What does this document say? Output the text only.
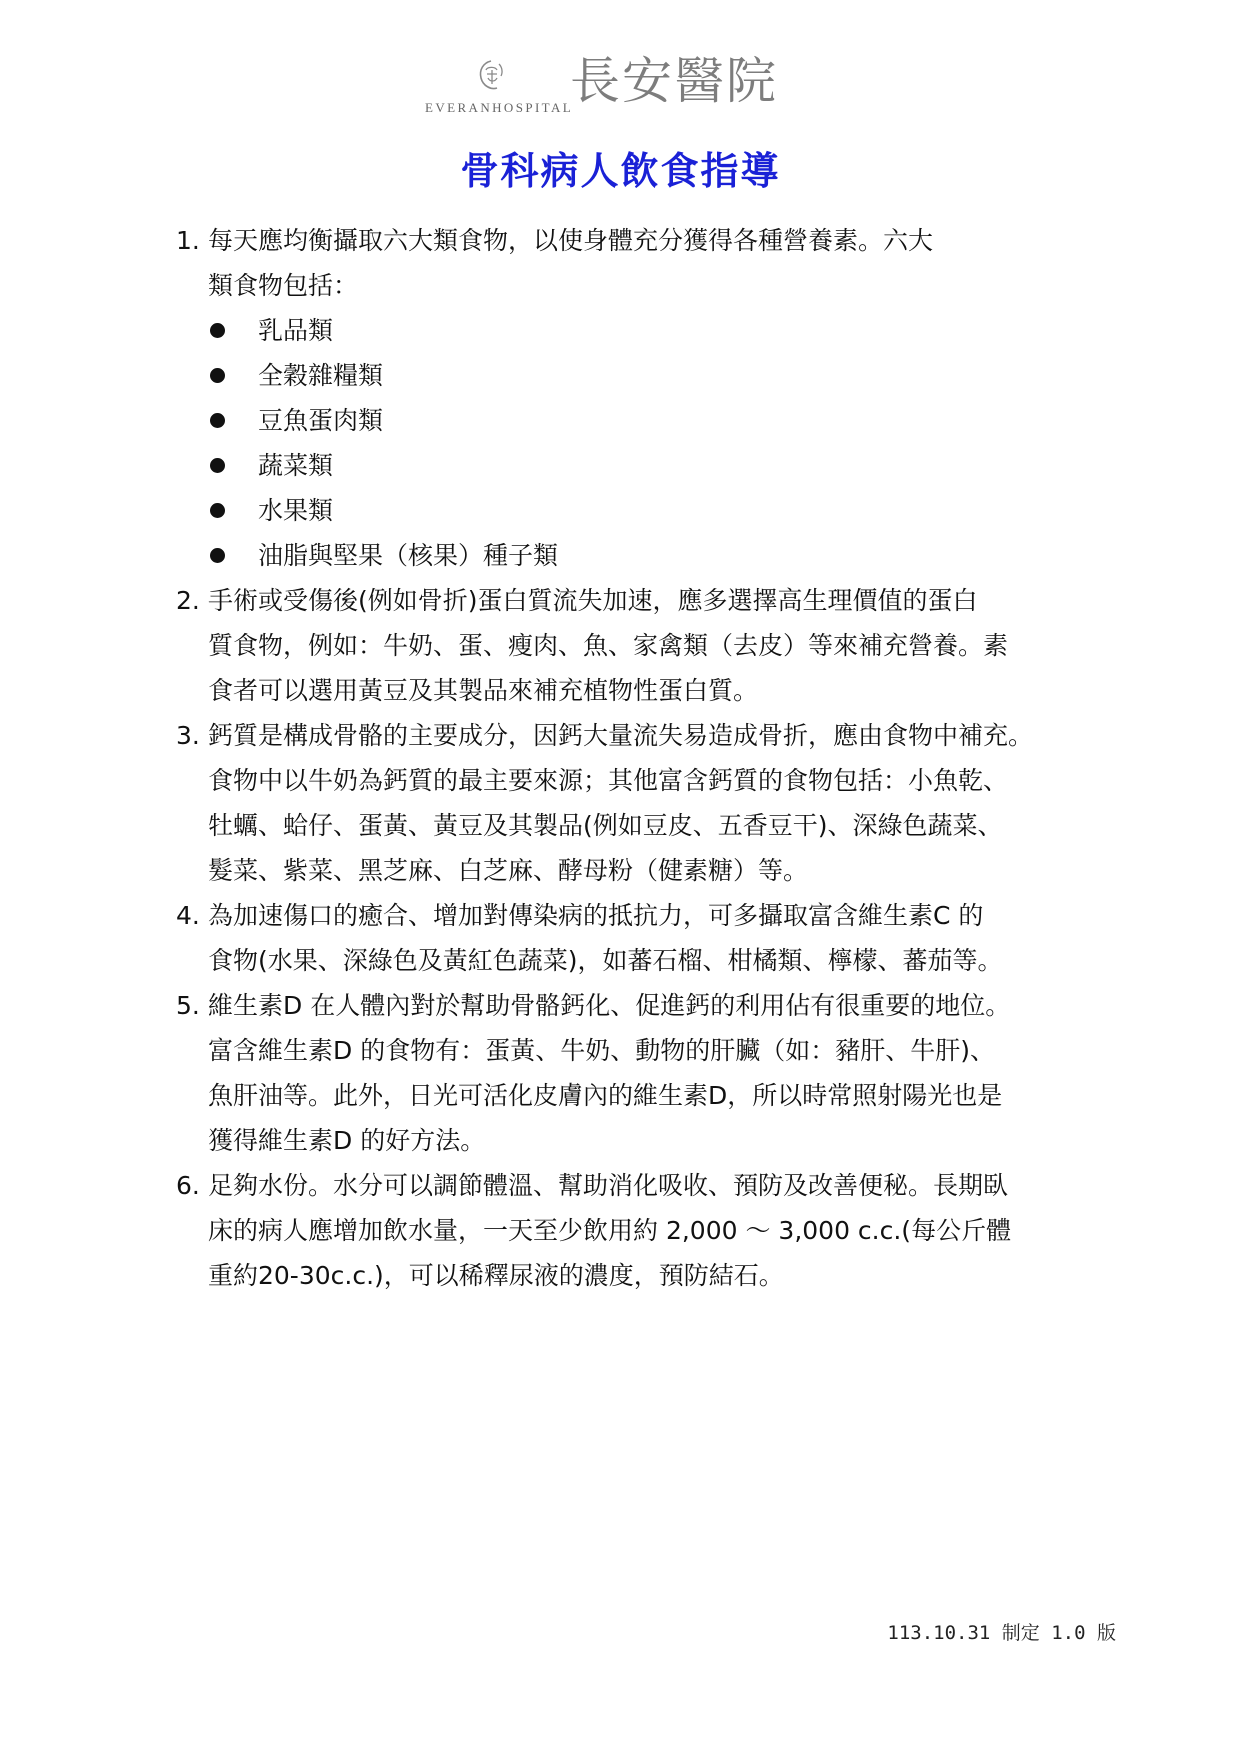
EVERANHOSPITAL
長安醫院
骨科病人飲食指導
1. 每天應均衡攝取六大類食物，以使身體充分獲得各種營養素。六大
類食物包括：
乳品類
全穀雜糧類
豆魚蛋肉類
蔬菜類
水果類
油脂與堅果（核果）種子類
2. 手術或受傷後(例如骨折)蛋白質流失加速，應多選擇高生理價值的蛋白
質食物，例如：牛奶、蛋、瘦肉、魚、家禽類（去皮）等來補充營養。素
食者可以選用黃豆及其製品來補充植物性蛋白質。
3. 鈣質是構成骨骼的主要成分，因鈣大量流失易造成骨折，應由食物中補充。
食物中以牛奶為鈣質的最主要來源；其他富含鈣質的食物包括：小魚乾、
牡蠣、蛤仔、蛋黃、黃豆及其製品(例如豆皮、五香豆干)、深綠色蔬菜、
髮菜、紫菜、黑芝麻、白芝麻、酵母粉（健素糖）等。
4. 為加速傷口的癒合、增加對傳染病的抵抗力，可多攝取富含維生素C 的
食物(水果、深綠色及黃紅色蔬菜)，如蕃石榴、柑橘類、檸檬、蕃茄等。
5. 維生素D 在人體內對於幫助骨骼鈣化、促進鈣的利用佔有很重要的地位。
富含維生素D 的食物有：蛋黃、牛奶、動物的肝臟（如：豬肝、牛肝)、
魚肝油等。此外，日光可活化皮膚內的維生素D，所以時常照射陽光也是
獲得維生素D 的好方法。
6. 足夠水份。水分可以調節體溫、幫助消化吸收、預防及改善便秘。長期臥
床的病人應增加飲水量，一天至少飲用約 2,000 ～ 3,000 c.c.(每公斤體
重約20-30c.c.)，可以稀釋尿液的濃度，預防結石。
113.10.31 制定 1.0 版
